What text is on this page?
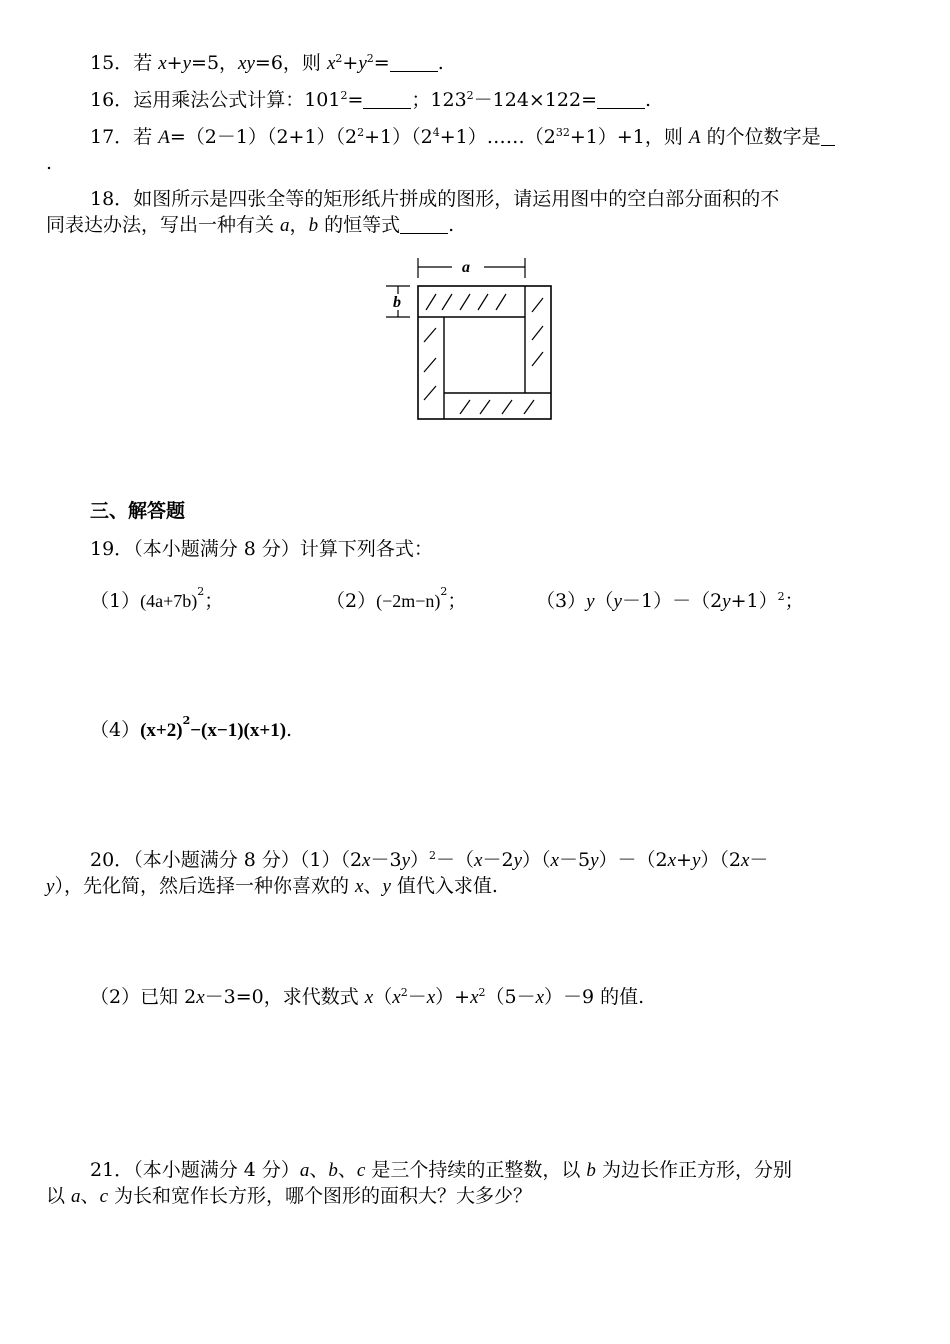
15．若 x+y=5，xy=6，则 $x^2+y^2=$	.
16．运用乘法公式计算：$101^2=$	；$123^2-124\times 122=$	.
17．若 $A=(2-1)(2+1)(2^2+1)(2^4+1)\dots\dots(2^{32}+1)+1$，则 A 的个位数字是
.
18．如图所示是四张全等的矩形纸片拼成的图形，请运用图中的空白部分面积的不
同表达办法，写出一种有关 a，b 的恒等式	.
a
b
三、解答题
19．（本小题满分 8 分）计算下列各式：
$(1)(4a+7b)^2$；	$(2)(-2m-n)^2$；	$(3)y(y-1)-(2y+1)^2$；
$(4)(x+2)^2-(x-1)(x+1)$.
20．（本小题满分 8 分）$(1)(2x-3y)^2-(x-2y)(x-5y)-(2x+y)(2x-$
y），先化简，然后选择一种你喜欢的 x、y 值代入求值.
（2）已知 2x－3=0，求代数式 $x(x^2-x)+x^2(5-x)-9$ 的值.
21．（本小题满分 4 分）a、b、c 是三个持续的正整数，以 b 为边长作正方形，分别
以 a、c 为长和宽作长方形，哪个图形的面积大？大多少？
